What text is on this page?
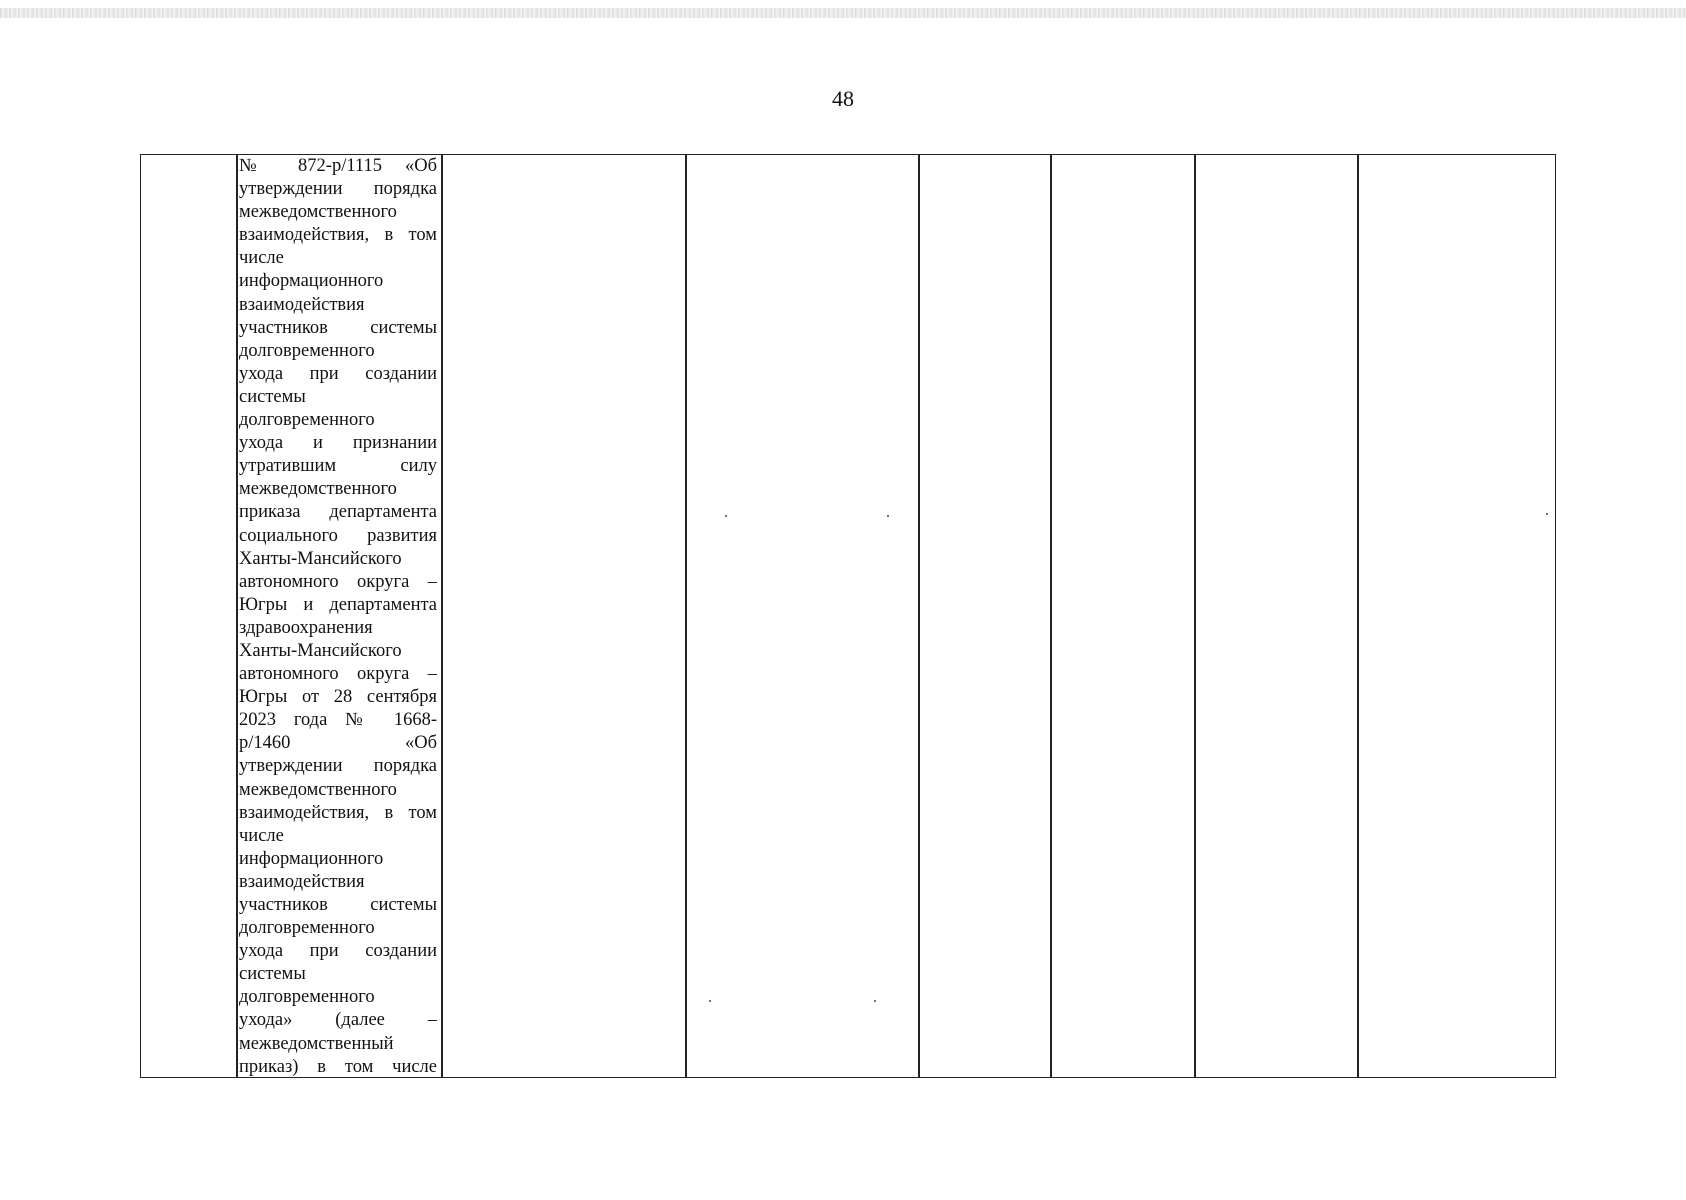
48
№ 872-р/1115 «Об
утверждении порядка
межведомственного
взаимодействия, в том
числе
информационного
взаимодействия
участников системы
долговременного
ухода при создании
системы
долговременного
ухода и признании
утратившим силу
межведомственного
приказа департамента
социального развития
Ханты-Мансийского
автономного округа –
Югры и департамента
здравоохранения
Ханты-Мансийского
автономного округа –
Югры от 28 сентября
2023 года № 1668-
р/1460 «Об
утверждении порядка
межведомственного
взаимодействия, в том
числе
информационного
взаимодействия
участников системы
долговременного
ухода при создании
системы
долговременного
ухода» (далее –
межведомственный
приказ) в том числе
